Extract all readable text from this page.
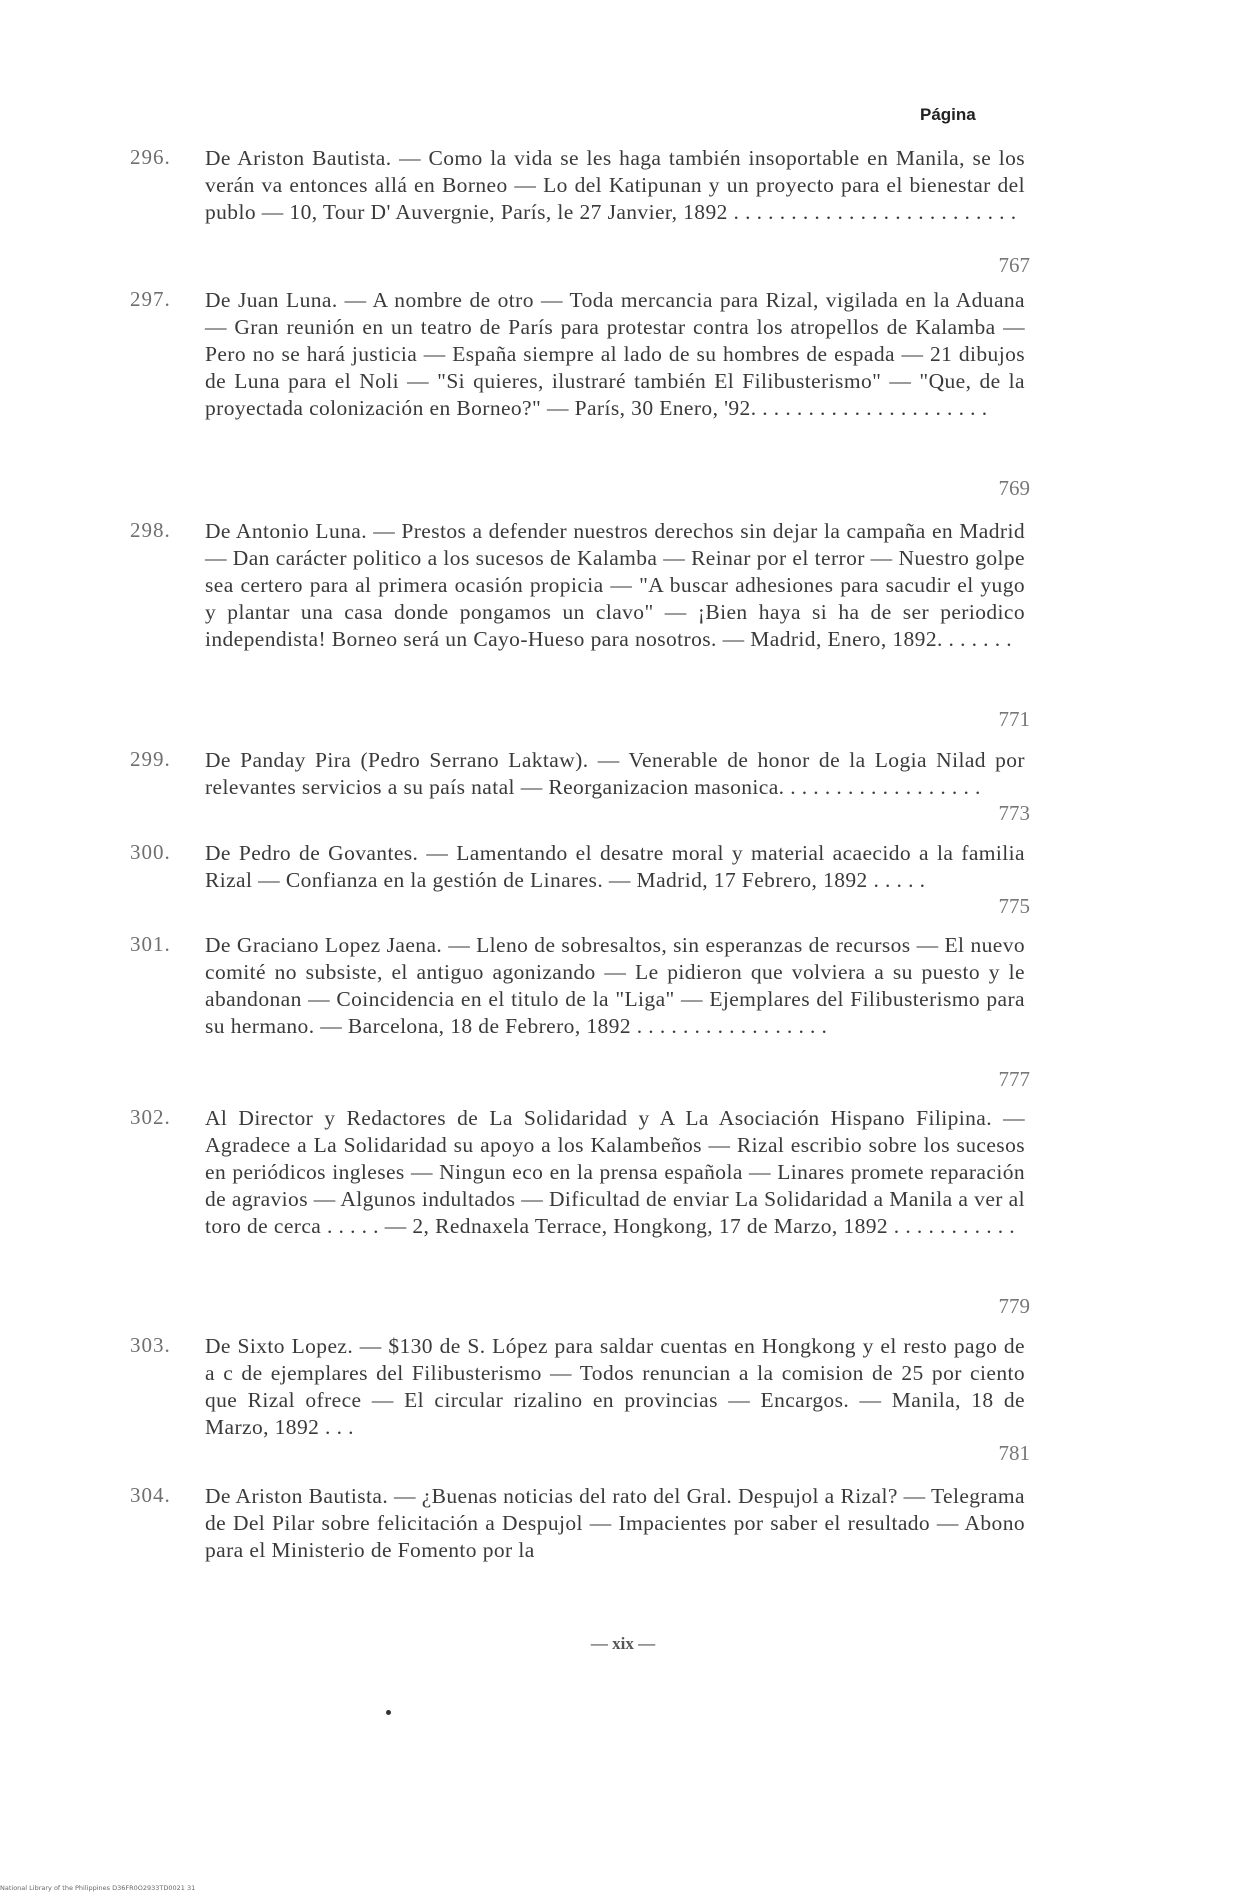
Página
296.	De Ariston Bautista. — Como la vida se les haga también insoportable en Manila, se los verán va entonces allá en Borneo — Lo del Katipunan y un proyecto para el bienestar del publo — 10, Tour D' Auvergnie, París, le 27 Janvier, 1892 . . . . . . . . . . . . . . . . . . . . . . . . .
767
297.	De Juan Luna. — A nombre de otro — Toda mercancia para Rizal, vigilada en la Aduana — Gran reunión en un teatro de París para protestar contra los atropellos de Kalamba — Pero no se hará justicia — España siempre al lado de su hombres de espada — 21 dibujos de Luna para el Noli — "Si quieres, ilustraré también El Filibusterismo" — "Que, de la proyectada colonización en Borneo?" — París, 30 Enero, '92. . . . . . . . . . . . . . . . . . . . .
769
298.	De Antonio Luna. — Prestos a defender nuestros derechos sin dejar la campaña en Madrid — Dan carácter politico a los sucesos de Kalamba — Reinar por el terror — Nuestro golpe sea certero para al primera ocasión propicia — "A buscar adhesiones para sacudir el yugo y plantar una casa donde pongamos un clavo" — ¡Bien haya si ha de ser periodico independista! Borneo será un Cayo-Hueso para nosotros. — Madrid, Enero, 1892. . . . . . .
771
299.	De Panday Pira (Pedro Serrano Laktaw). — Venerable de honor de la Logia Nilad por relevantes servicios a su país natal — Reorganizacion masonica. . . . . . . . . . . . . . . . . .
773
300.	De Pedro de Govantes. — Lamentando el desatre moral y material acaecido a la familia Rizal — Confianza en la gestión de Linares. — Madrid, 17 Febrero, 1892 . . . . .
775
301.	De Graciano Lopez Jaena. — Lleno de sobresaltos, sin esperanzas de recursos — El nuevo comité no subsiste, el antiguo agonizando — Le pidieron que volviera a su puesto y le abandonan — Coincidencia en el titulo de la "Liga" — Ejemplares del Filibusterismo para su hermano. — Barcelona, 18 de Febrero, 1892 . . . . . . . . . . . . . . . . .
777
302.	Al Director y Redactores de La Solidaridad y A La Asociación Hispano Filipina. — Agradece a La Solidaridad su apoyo a los Kalambeños — Rizal escribio sobre los sucesos en periódicos ingleses — Ningun eco en la prensa española — Linares promete reparación de agravios — Algunos indultados — Dificultad de enviar La Solidaridad a Manila a ver al toro de cerca . . . . . — 2, Rednaxela Terrace, Hongkong, 17 de Marzo, 1892 . . . . . . . . . . .
779
303.	De Sixto Lopez. — $130 de S. López para saldar cuentas en Hongkong y el resto pago de a c de ejemplares del Filibusterismo — Todos renuncian a la comision de 25 por ciento que Rizal ofrece — El circular rizalino en provincias — Encargos. — Manila, 18 de Marzo, 1892 . . .
781
304.	De Ariston Bautista. — ¿Buenas noticias del rato del Gral. Despujol a Rizal? — Telegrama de Del Pilar sobre felicitación a Despujol — Impacientes por saber el resultado — Abono para el Ministerio de Fomento por la
— xix —
National Library of the Philippines D36FR0O2933TD0021 31
